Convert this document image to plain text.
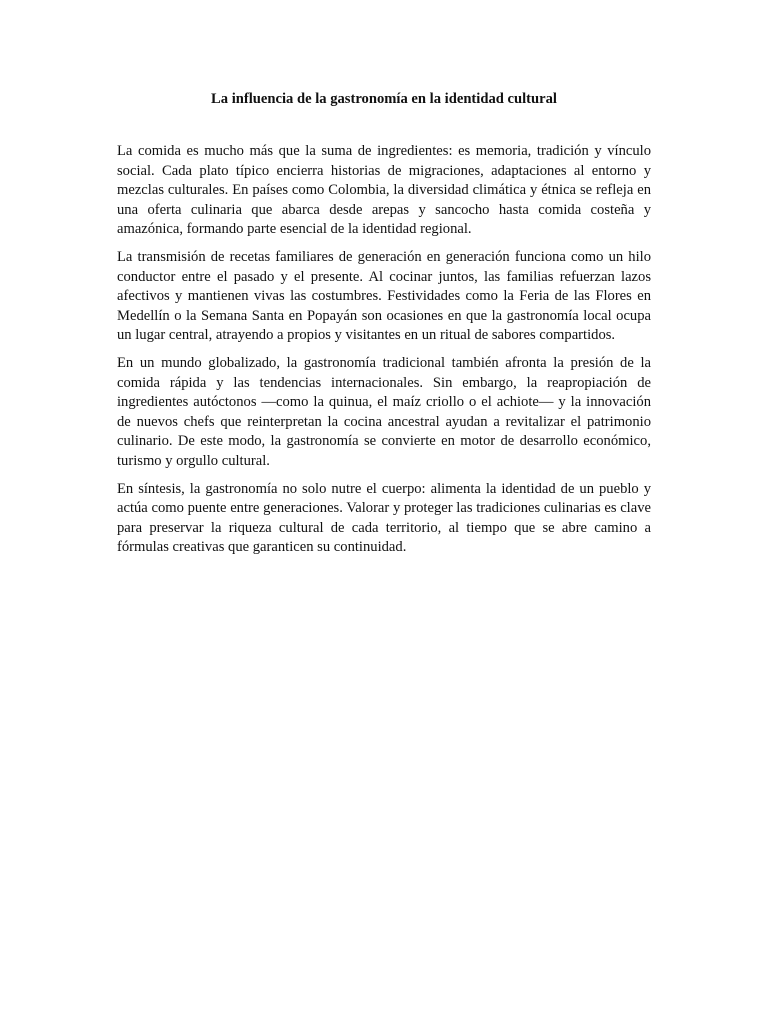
La influencia de la gastronomía en la identidad cultural

La comida es mucho más que la suma de ingredientes: es memoria, tradición y vínculo social. Cada plato típico encierra historias de migraciones, adaptaciones al entorno y mezclas culturales. En países como Colombia, la diversidad climática y étnica se refleja en una oferta culinaria que abarca desde arepas y sancocho hasta comida costeña y amazónica, formando parte esencial de la identidad regional.

La transmisión de recetas familiares de generación en generación funciona como un hilo conductor entre el pasado y el presente. Al cocinar juntos, las familias refuerzan lazos afectivos y mantienen vivas las costumbres. Festividades como la Feria de las Flores en Medellín o la Semana Santa en Popayán son ocasiones en que la gastronomía local ocupa un lugar central, atrayendo a propios y visitantes en un ritual de sabores compartidos.

En un mundo globalizado, la gastronomía tradicional también afronta la presión de la comida rápida y las tendencias internacionales. Sin embargo, la reapropiación de ingredientes autóctonos —como la quinua, el maíz criollo o el achiote— y la innovación de nuevos chefs que reinterpretan la cocina ancestral ayudan a revitalizar el patrimonio culinario. De este modo, la gastronomía se convierte en motor de desarrollo económico, turismo y orgullo cultural.

En síntesis, la gastronomía no solo nutre el cuerpo: alimenta la identidad de un pueblo y actúa como puente entre generaciones. Valorar y proteger las tradiciones culinarias es clave para preservar la riqueza cultural de cada territorio, al tiempo que se abre camino a fórmulas creativas que garanticen su continuidad.
